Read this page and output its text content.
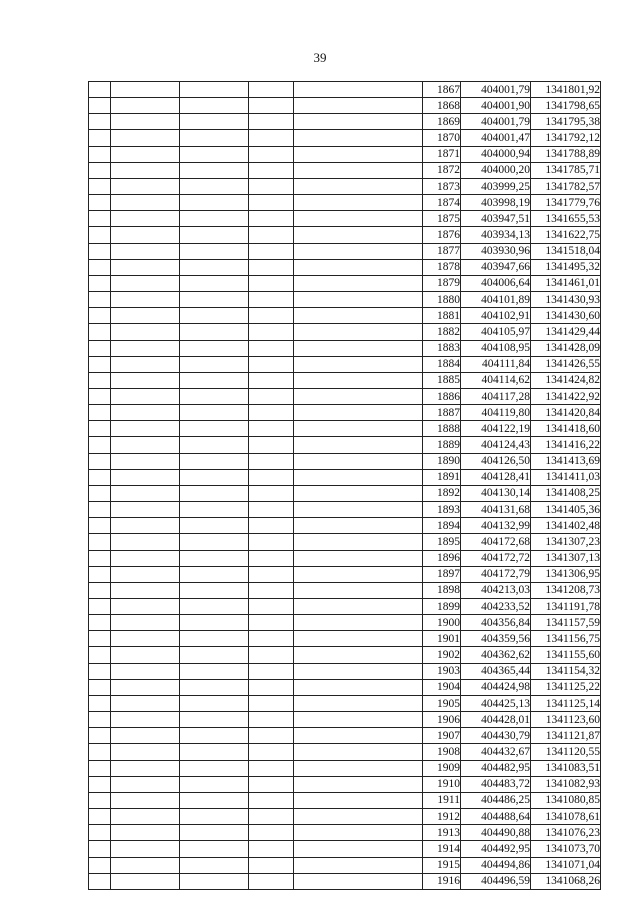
39
					1867	404001,79	1341801,92
					1868	404001,90	1341798,65
					1869	404001,79	1341795,38
					1870	404001,47	1341792,12
					1871	404000,94	1341788,89
					1872	404000,20	1341785,71
					1873	403999,25	1341782,57
					1874	403998,19	1341779,76
					1875	403947,51	1341655,53
					1876	403934,13	1341622,75
					1877	403930,96	1341518,04
					1878	403947,66	1341495,32
					1879	404006,64	1341461,01
					1880	404101,89	1341430,93
					1881	404102,91	1341430,60
					1882	404105,97	1341429,44
					1883	404108,95	1341428,09
					1884	404111,84	1341426,55
					1885	404114,62	1341424,82
					1886	404117,28	1341422,92
					1887	404119,80	1341420,84
					1888	404122,19	1341418,60
					1889	404124,43	1341416,22
					1890	404126,50	1341413,69
					1891	404128,41	1341411,03
					1892	404130,14	1341408,25
					1893	404131,68	1341405,36
					1894	404132,99	1341402,48
					1895	404172,68	1341307,23
					1896	404172,72	1341307,13
					1897	404172,79	1341306,95
					1898	404213,03	1341208,73
					1899	404233,52	1341191,78
					1900	404356,84	1341157,59
					1901	404359,56	1341156,75
					1902	404362,62	1341155,60
					1903	404365,44	1341154,32
					1904	404424,98	1341125,22
					1905	404425,13	1341125,14
					1906	404428,01	1341123,60
					1907	404430,79	1341121,87
					1908	404432,67	1341120,55
					1909	404482,95	1341083,51
					1910	404483,72	1341082,93
					1911	404486,25	1341080,85
					1912	404488,64	1341078,61
					1913	404490,88	1341076,23
					1914	404492,95	1341073,70
					1915	404494,86	1341071,04
					1916	404496,59	1341068,26
